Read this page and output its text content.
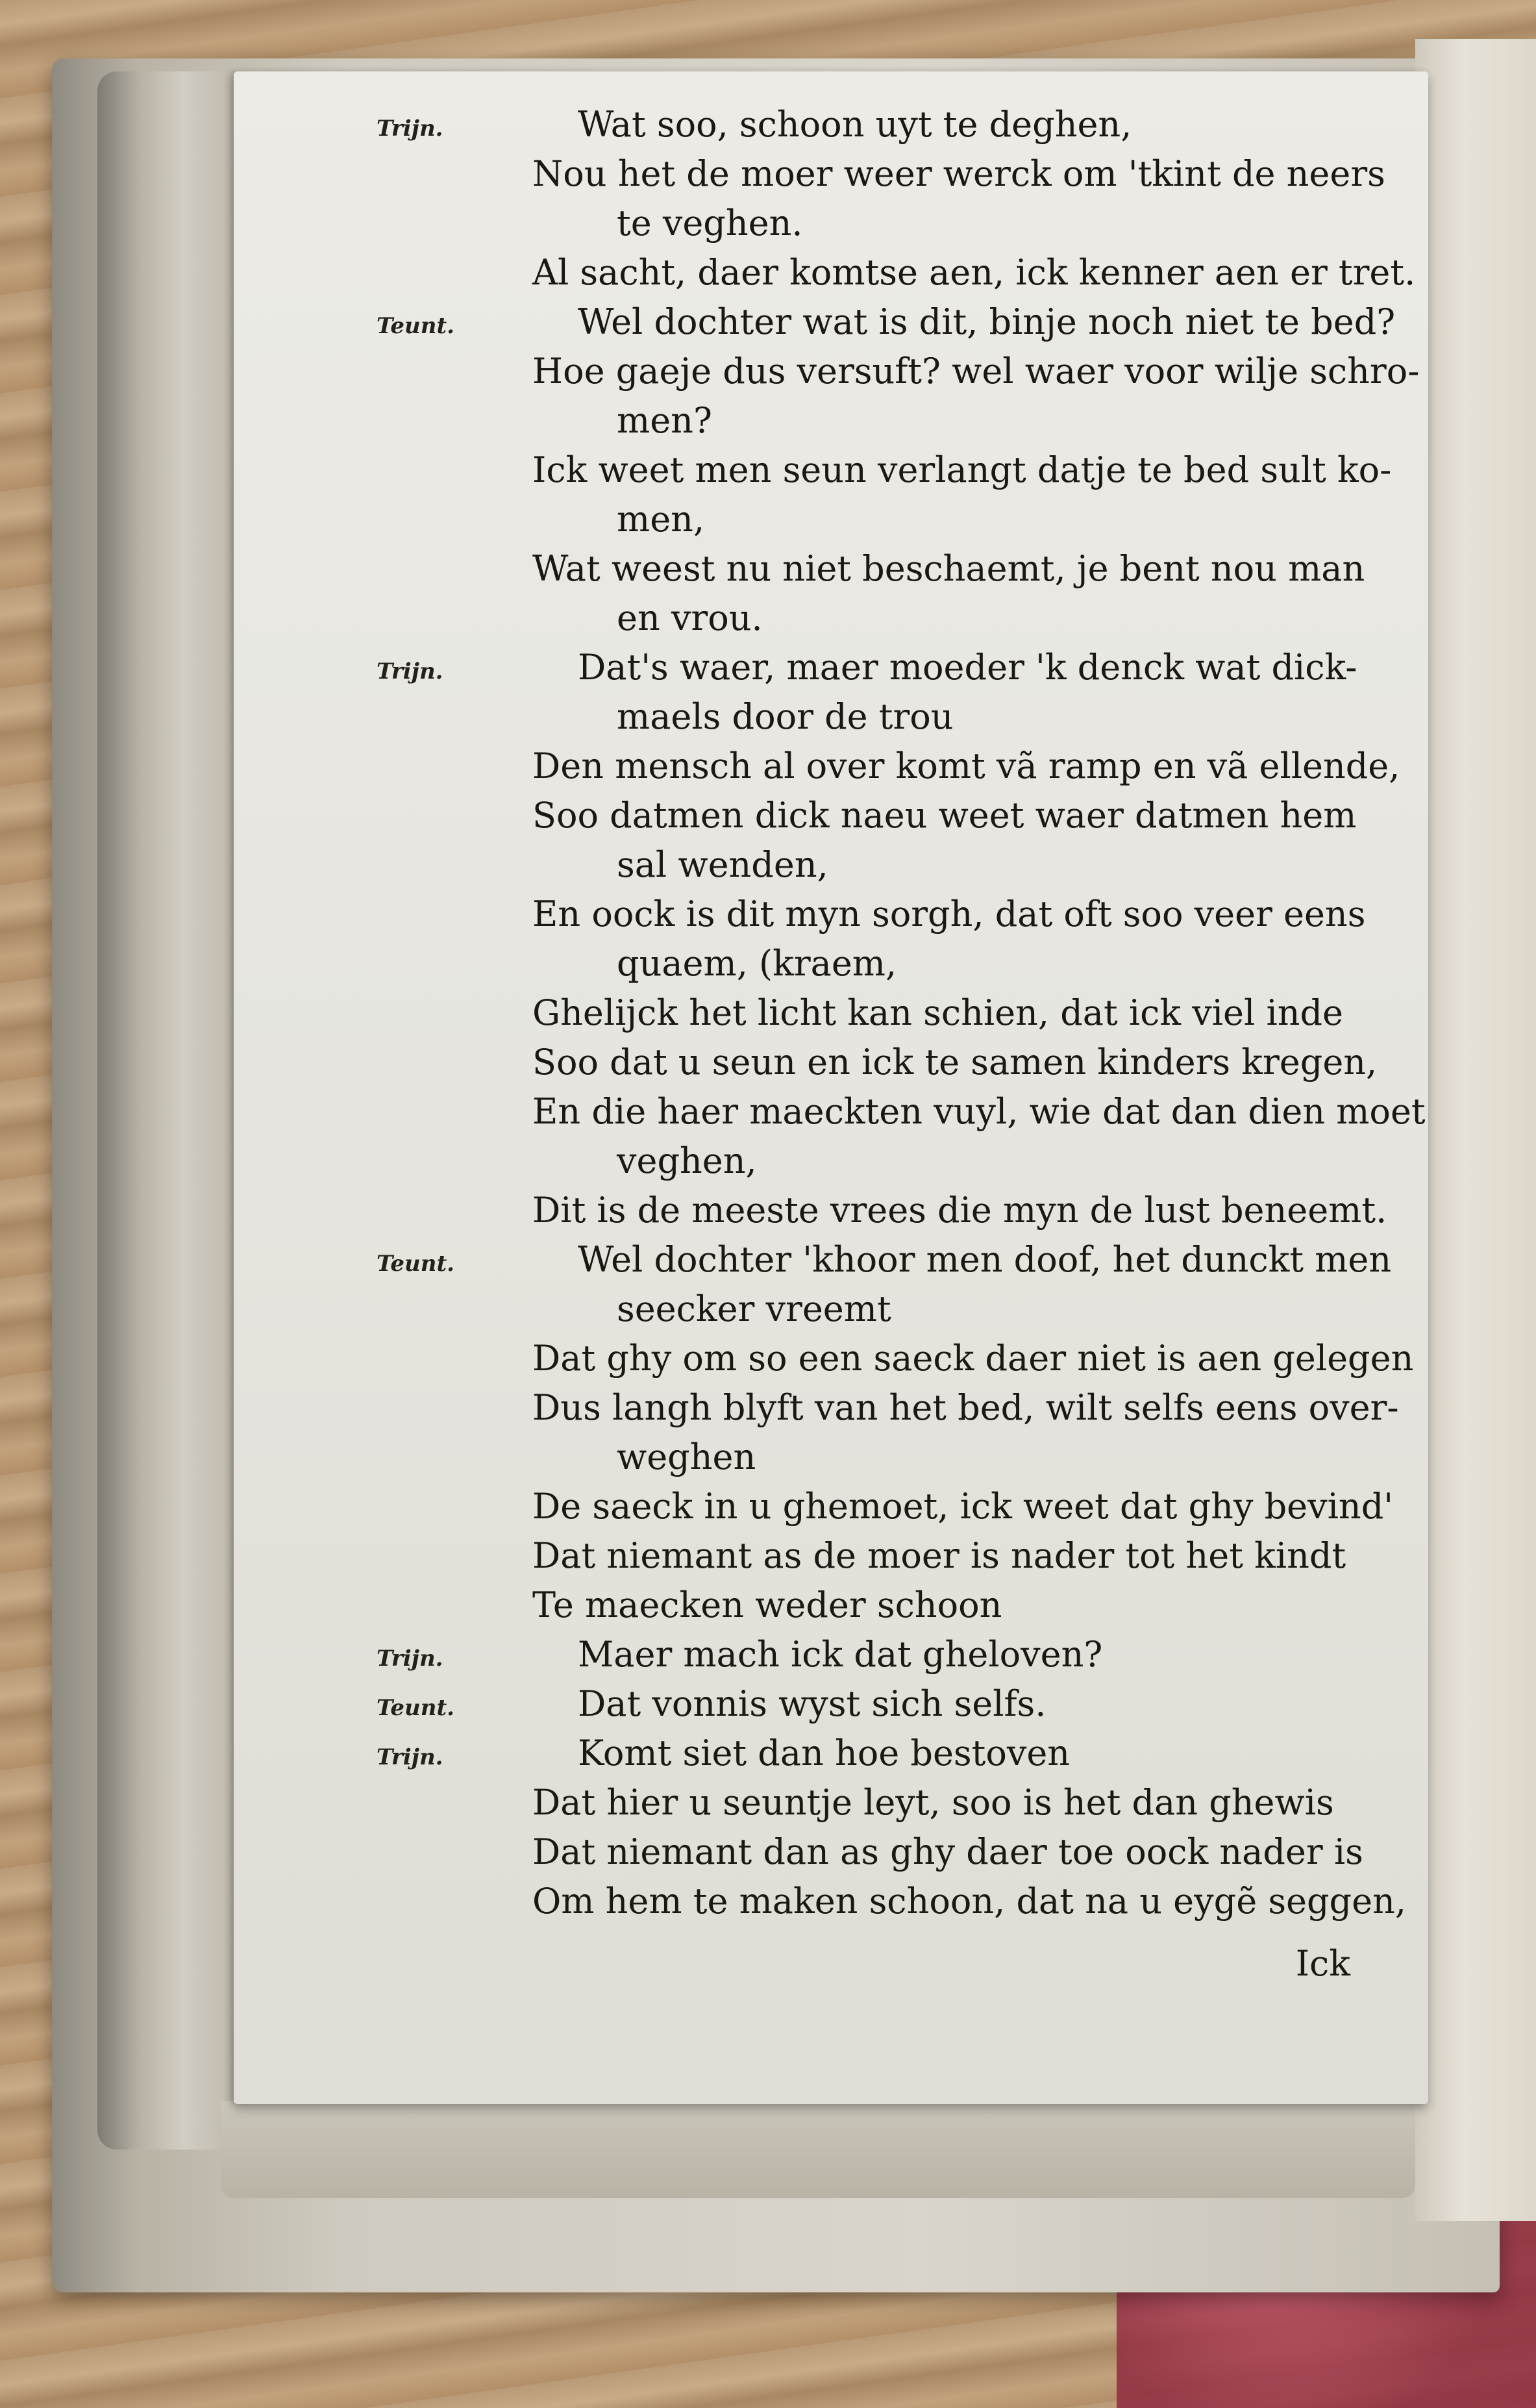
Trijn.	Wat soo, schoon uyt te deghen,
Nou het de moer weer werck om 'tkint de neers
te veghen.
Al sacht, daer komtse aen, ick kenner aen er tret.
Teunt.	Wel dochter wat is dit, binje noch niet te bed?
Hoe gaeje dus versuft? wel waer voor wilje schro-
men?
Ick weet men seun verlangt datje te bed sult ko-
men,
Wat weest nu niet beschaemt, je bent nou man
en vrou.
Trijn.	Dat's waer, maer moeder 'k denck wat dick-
maels door de trou
Den mensch al over komt vã ramp en vã ellende,
Soo datmen dick naeu weet waer datmen hem
sal wenden,
En oock is dit myn sorgh, dat oft soo veer eens
quaem, (kraem,
Ghelijck het licht kan schien, dat ick viel inde
Soo dat u seun en ick te samen kinders kregen,
En die haer maeckten vuyl, wie dat dan dien moet
veghen,
Dit is de meeste vrees die myn de lust beneemt.
Teunt.	Wel dochter 'khoor men doof, het dunckt men
seecker vreemt
Dat ghy om so een saeck daer niet is aen gelegen
Dus langh blyft van het bed, wilt selfs eens over-
weghen
De saeck in u ghemoet, ick weet dat ghy bevind'
Dat niemant as de moer is nader tot het kindt
Te maecken weder schoon
Trijn.	Maer mach ick dat gheloven?
Teunt.	Dat vonnis wyst sich selfs.
Trijn.	Komt siet dan hoe bestoven
Dat hier u seuntje leyt, soo is het dan ghewis
Dat niemant dan as ghy daer toe oock nader is
Om hem te maken schoon, dat na u eygẽ seggen,
Ick
